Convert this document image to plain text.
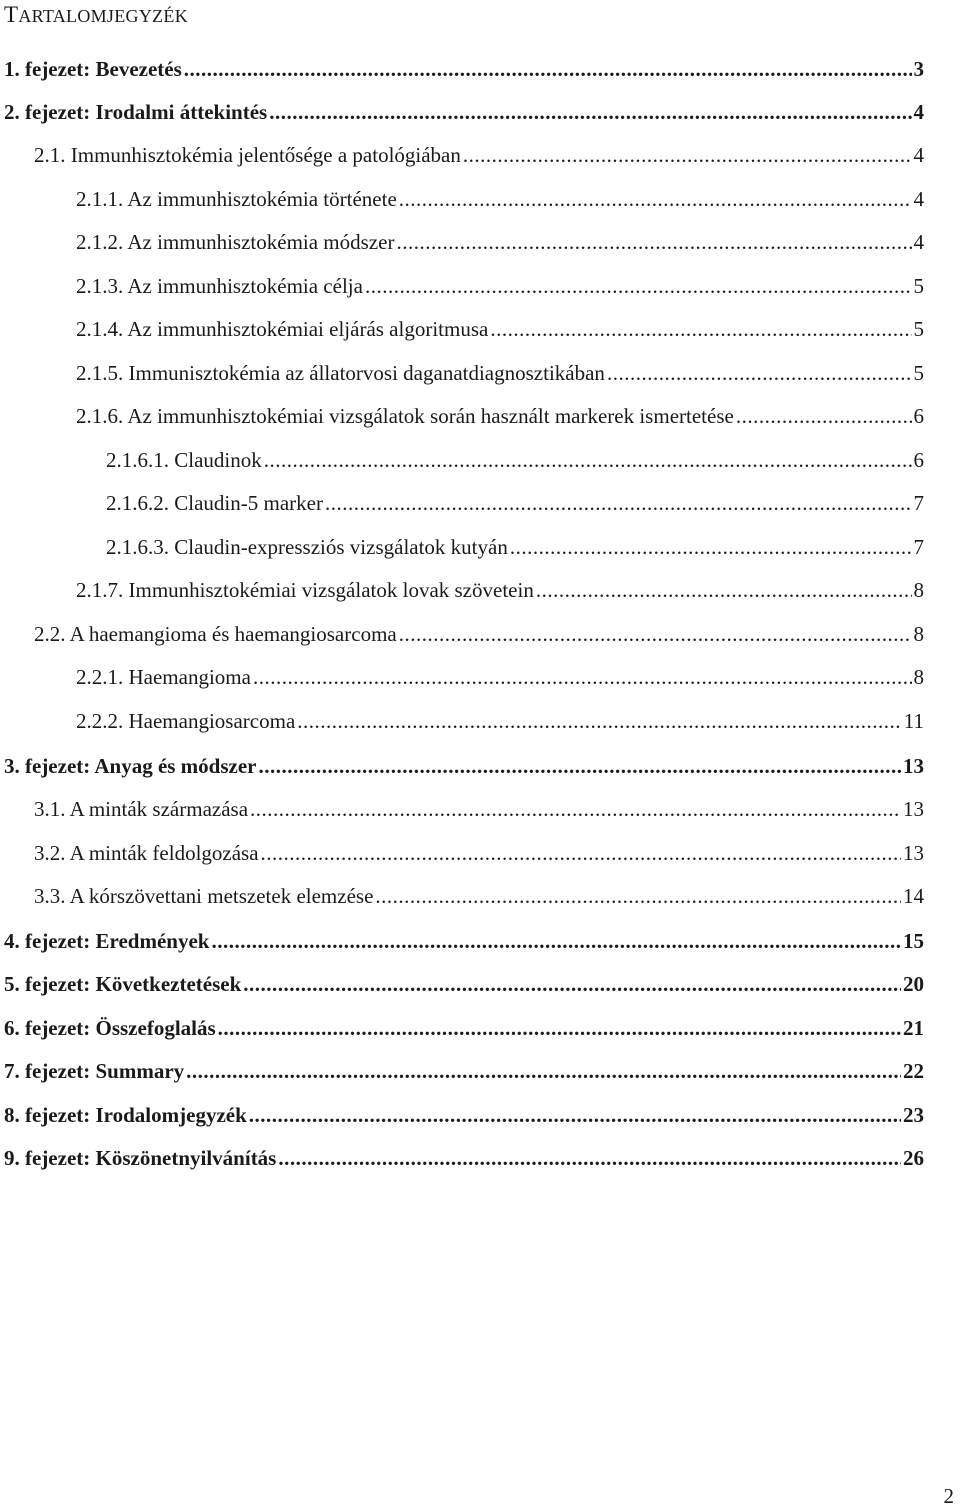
TARTALOMJEGYZÉK
1. fejezet: Bevezetés .....	3
2. fejezet: Irodalmi áttekintés .....	4
2.1. Immunhisztokémia jelentősége a patológiában .....	4
2.1.1. Az immunhisztokémia története .....	4
2.1.2. Az immunhisztokémia módszer .....	4
2.1.3. Az immunhisztokémia célja .....	5
2.1.4. Az immunhisztokémiai eljárás algoritmusa .....	5
2.1.5. Immunisztokémia az állatorvosi daganatdiagnosztikában .....	5
2.1.6. Az immunhisztokémiai vizsgálatok során használt markerek ismertetése .....	6
2.1.6.1. Claudinok .....	6
2.1.6.2. Claudin-5 marker .....	7
2.1.6.3. Claudin-expressziós vizsgálatok kutyán .....	7
2.1.7. Immunhisztokémiai vizsgálatok lovak szövetein .....	8
2.2. A haemangioma és haemangiosarcoma .....	8
2.2.1. Haemangioma .....	8
2.2.2. Haemangiosarcoma .....	11
3. fejezet: Anyag és módszer .....	13
3.1. A minták származása .....	13
3.2. A minták feldolgozása .....	13
3.3. A kórszövettani metszetek elemzése .....	14
4. fejezet: Eredmények .....	15
5. fejezet: Következtetések .....	20
6. fejezet: Összefoglalás .....	21
7. fejezet: Summary .....	22
8. fejezet: Irodalomjegyzék .....	23
9. fejezet: Köszönetnyilvánítás .....	26
2
